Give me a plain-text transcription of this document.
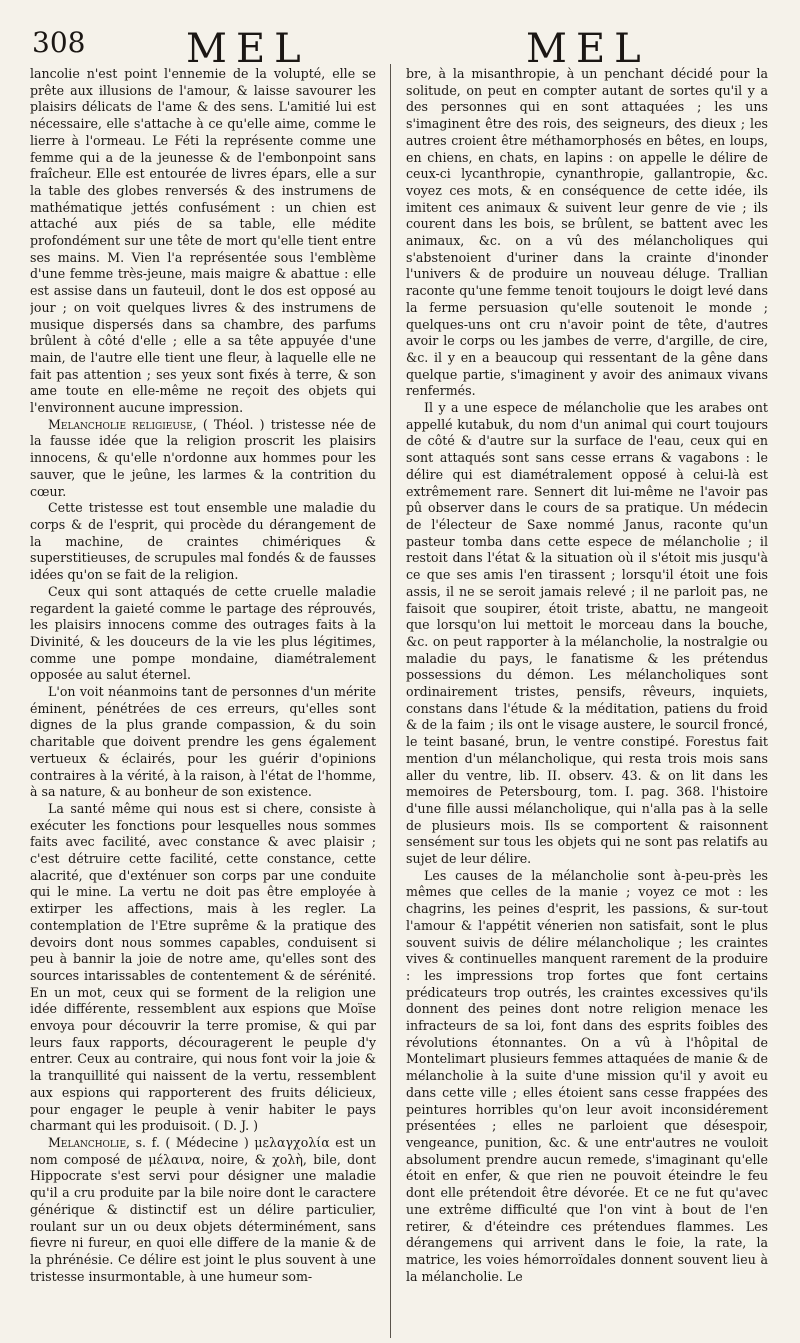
308	MEL	MEL

lancolie n'est point l'ennemie de la volupté, elle se prête aux illusions de l'amour, & laisse savourer les plaisirs délicats de l'ame & des sens. L'amitié lui est nécessaire, elle s'attache à ce qu'elle aime, comme le lierre à l'ormeau. Le Féti la représente comme une femme qui a de la jeunesse & de l'embonpoint sans fraîcheur. Elle est entourée de livres épars, elle a sur la table des globes renversés & des instrumens de mathématique jettés confusément : un chien est attaché aux piés de sa table, elle médite profondément sur une tête de mort qu'elle tient entre ses mains. M. Vien l'a représentée sous l'emblème d'une femme très-jeune, mais maigre & abattue : elle est assise dans un fauteuil, dont le dos est opposé au jour ; on voit quelques livres & des instrumens de musique dispersés dans sa chambre, des parfums brûlent à côté d'elle ; elle a sa tête appuyée d'une main, de l'autre elle tient une fleur, à laquelle elle ne fait pas attention ; ses yeux sont fixés à terre, & son ame toute en elle-même ne reçoit des objets qui l'environnent aucune impression.

Melancholie religieuse, ( Théol. ) tristesse née de la fausse idée que la religion proscrit les plaisirs innocens, & qu'elle n'ordonne aux hommes pour les sauver, que le jeûne, les larmes & la contrition du cœur.

Cette tristesse est tout ensemble une maladie du corps & de l'esprit, qui procède du dérangement de la machine, de craintes chimériques & superstitieuses, de scrupules mal fondés & de fausses idées qu'on se fait de la religion.

Ceux qui sont attaqués de cette cruelle maladie regardent la gaieté comme le partage des réprouvés, les plaisirs innocens comme des outrages faits à la Divinité, & les douceurs de la vie les plus légitimes, comme une pompe mondaine, diamétralement opposée au salut éternel.

L'on voit néanmoins tant de personnes d'un mérite éminent, pénétrées de ces erreurs, qu'elles sont dignes de la plus grande compassion, & du soin charitable que doivent prendre les gens également vertueux & éclairés, pour les guérir d'opinions contraires à la vérité, à la raison, à l'état de l'homme, à sa nature, & au bonheur de son existence.

La santé même qui nous est si chere, consiste à exécuter les fonctions pour lesquelles nous sommes faits avec facilité, avec constance & avec plaisir ; c'est détruire cette facilité, cette constance, cette alacrité, que d'exténuer son corps par une conduite qui le mine. La vertu ne doit pas être employée à extirper les affections, mais à les regler. La contemplation de l'Etre suprême & la pratique des devoirs dont nous sommes capables, conduisent si peu à bannir la joie de notre ame, qu'elles sont des sources intarissables de contentement & de sérénité. En un mot, ceux qui se forment de la religion une idée différente, ressemblent aux espions que Moïse envoya pour découvrir la terre promise, & qui par leurs faux rapports, découragerent le peuple d'y entrer. Ceux au contraire, qui nous font voir la joie & la tranquillité qui naissent de la vertu, ressemblent aux espions qui rapporterent des fruits délicieux, pour engager le peuple à venir habiter le pays charmant qui les produisoit. ( D. J. )

Melancholie, s. f. ( Médecine ) μελαγχολία est un nom composé de μέλαινα, noire, & χολὴ, bile, dont Hippocrate s'est servi pour désigner une maladie qu'il a cru produite par la bile noire dont le caractere générique & distinctif est un délire particulier, roulant sur un ou deux objets déterminément, sans fievre ni fureur, en quoi elle differe de la manie & de la phrénésie. Ce délire est joint le plus souvent à une tristesse insurmontable, à une humeur som-

bre, à la misanthropie, à un penchant décidé pour la solitude, on peut en compter autant de sortes qu'il y a des personnes qui en sont attaquées ; les uns s'imaginent être des rois, des seigneurs, des dieux ; les autres croient être méthamorphosés en bêtes, en loups, en chiens, en chats, en lapins : on appelle le délire de ceux-ci lycanthropie, cynanthropie, gallantropie, &c. voyez ces mots, & en conséquence de cette idée, ils imitent ces animaux & suivent leur genre de vie ; ils courent dans les bois, se brûlent, se battent avec les animaux, &c. on a vû des mélancholiques qui s'abstenoient d'uriner dans la crainte d'inonder l'univers & de produire un nouveau déluge. Trallian raconte qu'une femme tenoit toujours le doigt levé dans la ferme persuasion qu'elle soutenoit le monde ; quelques-uns ont cru n'avoir point de tête, d'autres avoir le corps ou les jambes de verre, d'argille, de cire, &c. il y en a beaucoup qui ressentant de la gêne dans quelque partie, s'imaginent y avoir des animaux vivans renfermés.

Il y a une espece de mélancholie que les arabes ont appellé kutabuk, du nom d'un animal qui court toujours de côté & d'autre sur la surface de l'eau, ceux qui en sont attaqués sont sans cesse errans & vagabons : le délire qui est diamétralement opposé à celui-là est extrêmement rare. Sennert dit lui-même ne l'avoir pas pû observer dans le cours de sa pratique. Un médecin de l'électeur de Saxe nommé Janus, raconte qu'un pasteur tomba dans cette espece de mélancholie ; il restoit dans l'état & la situation où il s'étoit mis jusqu'à ce que ses amis l'en tirassent ; lorsqu'il étoit une fois assis, il ne se seroit jamais relevé ; il ne parloit pas, ne faisoit que soupirer, étoit triste, abattu, ne mangeoit que lorsqu'on lui mettoit le morceau dans la bouche, &c. on peut rapporter à la mélancholie, la nostralgie ou maladie du pays, le fanatisme & les prétendus possessions du démon. Les mélancholiques sont ordinairement tristes, pensifs, rêveurs, inquiets, constans dans l'étude & la méditation, patiens du froid & de la faim ; ils ont le visage austere, le sourcil froncé, le teint basané, brun, le ventre constipé. Forestus fait mention d'un mélancholique, qui resta trois mois sans aller du ventre, lib. II. observ. 43. & on lit dans les memoires de Petersbourg, tom. I. pag. 368. l'histoire d'une fille aussi mélancholique, qui n'alla pas à la selle de plusieurs mois. Ils se comportent & raisonnent sensément sur tous les objets qui ne sont pas relatifs au sujet de leur délire.

Les causes de la mélancholie sont à-peu-près les mêmes que celles de la manie ; voyez ce mot : les chagrins, les peines d'esprit, les passions, & sur-tout l'amour & l'appétit vénerien non satisfait, sont le plus souvent suivis de délire mélancholique ; les craintes vives & continuelles manquent rarement de la produire : les impressions trop fortes que font certains prédicateurs trop outrés, les craintes excessives qu'ils donnent des peines dont notre religion menace les infracteurs de sa loi, font dans des esprits foibles des révolutions étonnantes. On a vû à l'hôpital de Montelimart plusieurs femmes attaquées de manie & de mélancholie à la suite d'une mission qu'il y avoit eu dans cette ville ; elles étoient sans cesse frappées des peintures horribles qu'on leur avoit inconsidérement présentées ; elles ne parloient que désespoir, vengeance, punition, &c. & une entr'autres ne vouloit absolument prendre aucun remede, s'imaginant qu'elle étoit en enfer, & que rien ne pouvoit éteindre le feu dont elle prétendoit être dévorée. Et ce ne fut qu'avec une extrême difficulté que l'on vint à bout de l'en retirer, & d'éteindre ces prétendues flammes. Les dérangemens qui arrivent dans le foie, la rate, la matrice, les voies hémorroïdales donnent souvent lieu à la mélancholie. Le
